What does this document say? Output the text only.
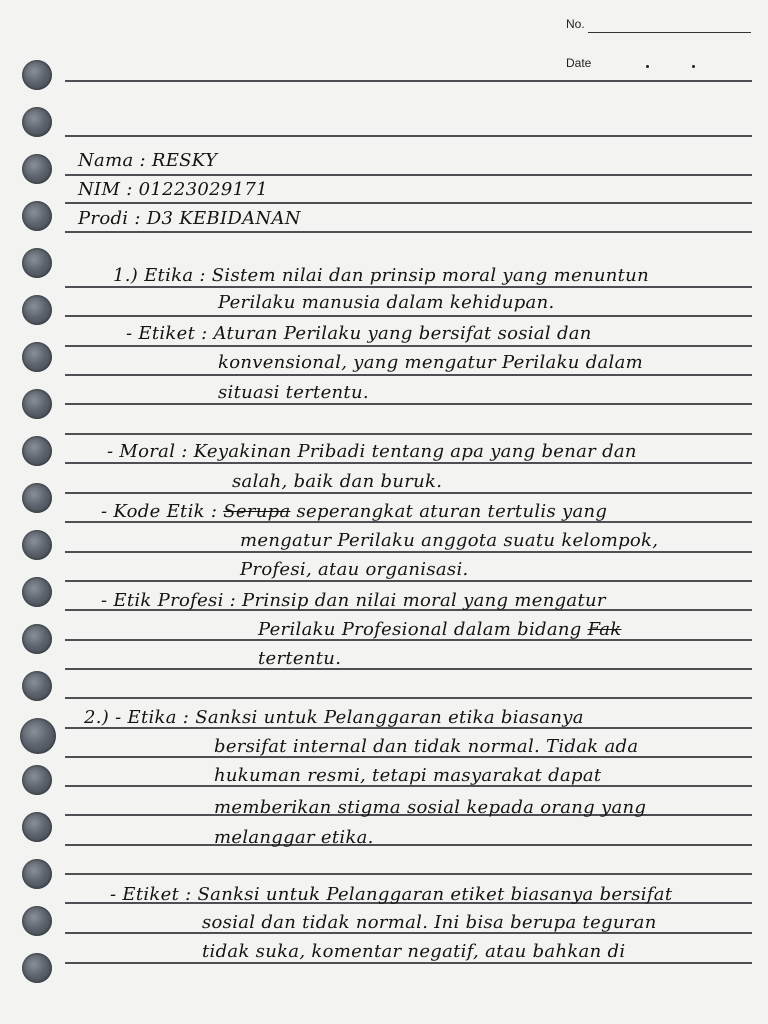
No.
Date
Nama : RESKY
NIM : 01223029171
Prodi : D3 KEBIDANAN
1.) Etika : Sistem nilai dan prinsip moral yang menuntun
Perilaku manusia dalam kehidupan.
- Etiket : Aturan Perilaku yang bersifat sosial dan
konvensional, yang mengatur Perilaku dalam
situasi tertentu.
- Moral : Keyakinan Pribadi tentang apa yang benar dan
salah, baik dan buruk.
- Kode Etik : Serupa seperangkat aturan tertulis yang
mengatur Perilaku anggota suatu kelompok,
Profesi, atau organisasi.
- Etik Profesi : Prinsip dan nilai moral yang mengatur
Perilaku Profesional dalam bidang Fak
tertentu.
2.) - Etika : Sanksi untuk Pelanggaran etika biasanya
bersifat internal dan tidak normal. Tidak ada
hukuman resmi, tetapi masyarakat dapat
memberikan stigma sosial kepada orang yang
melanggar etika.
- Etiket : Sanksi untuk Pelanggaran etiket biasanya bersifat
sosial dan tidak normal. Ini bisa berupa teguran
tidak suka, komentar negatif, atau bahkan di
